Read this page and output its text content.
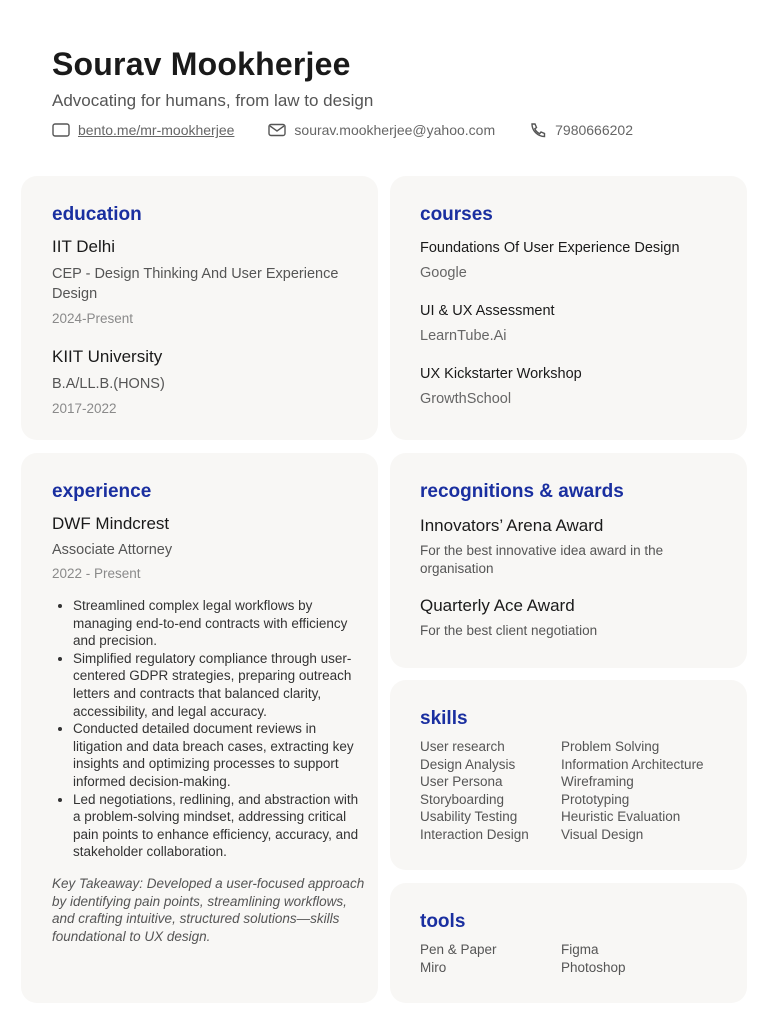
Sourav Mookherjee
Advocating for humans, from law to design
bento.me/mr-mookherjee	sourav.mookherjee@yahoo.com	7980666202
education
IIT Delhi
CEP - Design Thinking And User Experience Design
2024-Present
KIIT University
B.A/LL.B.(HONS)
2017-2022
courses
Foundations Of User Experience Design
Google
UI & UX Assessment
LearnTube.Ai
UX Kickstarter Workshop
GrowthSchool
experience
DWF Mindcrest
Associate Attorney
2022 - Present
• Streamlined complex legal workflows by managing end-to-end contracts with efficiency and precision.
• Simplified regulatory compliance through user-centered GDPR strategies, preparing outreach letters and contracts that balanced clarity, accessibility, and legal accuracy.
• Conducted detailed document reviews in litigation and data breach cases, extracting key insights and optimizing processes to support informed decision-making.
• Led negotiations, redlining, and abstraction with a problem-solving mindset, addressing critical pain points to enhance efficiency, accuracy, and stakeholder collaboration.
Key Takeaway: Developed a user-focused approach by identifying pain points, streamlining workflows, and crafting intuitive, structured solutions—skills foundational to UX design.
recognitions & awards
Innovators’ Arena Award
For the best innovative idea award in the organisation
Quarterly Ace Award
For the best client negotiation
skills
User research
Design Analysis
User Persona
Storyboarding
Usability Testing
Interaction Design
Problem Solving
Information Architecture
Wireframing
Prototyping
Heuristic Evaluation
Visual Design
tools
Pen & Paper
Miro
Figma
Photoshop
